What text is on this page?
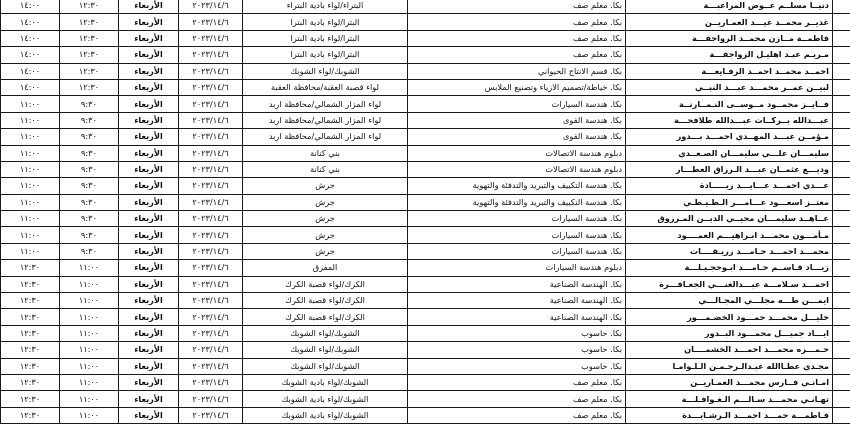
	دنيــا مسلــم عــوض المراعبـــة	بكا. معلم صف	البتراء/لواء بادية البتراء	٢٠٢٣/١٤/٦	الأربعاء	١٢:٣٠	١٤:٠٠
	غديــر محمــد عيـــد العمـاريــن	بكا. معلم صف	البترا/لواء بادية البترا	٢٠٢٣/١٤/٦	الأربعاء	١٢:٣٠	١٤:٠٠
	فاطمــة مــازن محمــد الرواجفـــة	بكا. معلم صف	البترا/لواء بادية البترا	٢٠٢٣/١٤/٦	الأربعاء	١٢:٣٠	١٤:٠٠
	مـريـم عبـد اهليـل الرواجفـــة	بكا. معلم صف	البترا/لواء بادية البترا	٢٠٢٣/١٤/٦	الأربعاء	١٢:٣٠	١٤:٠٠
	احمــد محمــد احمــد الرفـايعـــة	بكا. قسم الانتاج الحيواني	الشوبك/لواء الشوبك	٢٠٢٣/١٤/٦	الأربعاء	١٢:٣٠	١٤:٠٠
	لبيــن عمــر محمـــد عبـــد النبــي	بكا. خياطة/تصميم الازياء وتصنيع الملابس	لواء قصبة العقبة/محافظة العقبة	٢٠٢٣/١٤/٦	الأربعاء	١٢:٣٠	١٤:٠٠
	فــايــز محمــود مــوســى النـمــارنــة	بكا. هندسة السيارات	لواء المزار الشمالي/محافظة اربد	٢٠٢٣/١٤/٦	الأربعاء	٩:٣٠	١١:٠٠
	عبـــدالله بــركــات عبـــدالله طلافحـــة	بكا. هندسة القوى	لواء المزار الشمالي/محافظة اربد	٢٠٢٣/١٤/٦	الأربعاء	٩:٣٠	١١:٠٠
	مـؤمــن عبـــد المهــدي احمـــد بـــدور	بكا. هندسة القوى	لواء المزار الشمالي/محافظة اربد	٢٠٢٣/١٤/٦	الأربعاء	٩:٣٠	١١:٠٠
	سليمـــان علـــي سليمـــان الصـعــدي	دبلوم هندسة الاتصالات	بني كنانة	٢٠٢٣/١٤/٦	الأربعاء	٩:٣٠	١١:٠٠
	وديـــع عثمــان عبـــد الـرزاق العطـــار	دبلوم هندسة الاتصالات	بني كنانة	٢٠٢٣/١٤/٦	الأربعاء	٩:٣٠	١١:٠٠
	عـــدي احمـــد عـــايـــد زيـــــادة	بكا. هندسة التكييف والتبريد والتدفئة والتهوية	جرش	٢٠٢٣/١٤/٦	الأربعاء	٩:٣٠	١١:٠٠
	معتــز اسعـــود عـــامـــر الـطـيـطـي	بكا. هندسة التكييف والتبريد والتدفئة والتهوية	جرش	٢٠٢٣/١٤/٦	الأربعاء	٩:٣٠	١١:٠٠
	عــاهــد سليمـــان محيــي الديــن المـرزوق	بكا. هندسة السيارات	جرش	٢٠٢٣/١٤/٦	الأربعاء	٩:٣٠	١١:٠٠
	مـأمـــون محمـــد ابـراهيـــم العمــــود	بكا. هندسة السيارات	جرش	٢٠٢٣/١٤/٦	الأربعاء	٩:٣٠	١١:٠٠
	محمـــد احمـــد حـامـــد زريـقــــات	بكا. هندسة السيارات	جرش	٢٠٢٣/١٤/٦	الأربعاء	٩:٣٠	١١:٠٠
	زيـــاد قـاســم حـامـــد ابـوحجـيـلـــة	دبلوم هندسة السيارات	المفرق	٢٠٢٣/١٤/٦	الأربعاء	١١:٠٠	١٢:٣٠
	احمـــد سـلامـــة عبـــدالغنـــي الجعـافـــرة	بكا. الهندسة الصناعية	الكرك/لواء قصبة الكرك	٢٠٢٣/١٤/٦	الأربعاء	١١:٠٠	١٢:٣٠
	ايمـــن طـــه مجلـــي المجـالـــي	بكا. الهندسة الصناعية	الكرك/لواء قصبة الكرك	٢٠٢٣/١٤/٦	الأربعاء	١١:٠٠	١٢:٣٠
	خليـــل محمـــد حمـــود الخضـمـــور	بكا. الهندسة الصناعية	الكرك/لواء قصبة الكرك	٢٠٢٣/١٤/٦	الأربعاء	١١:٠٠	١٢:٣٠
	ايـــاد جميـــل محمـــود البــدور	بكا. حاسوب	الشوبك/لواء الشوبك	٢٠٢٣/١٤/٦	الأربعاء	١١:٠٠	١٢:٣٠
	حـمـــزه محمـــد احمـــد الخشمــــان	بكا. حاسوب	الشوبك/لواء الشوبك	٢٠٢٣/١٤/٦	الأربعاء	١١:٠٠	١٢:٣٠
	مجـدي عطـاالله عبـدالـرحـمـن الـلـوامـا	بكا. حاسوب	الشوبك/لواء الشوبك	٢٠٢٣/١٤/٦	الأربعاء	١١:٠٠	١٢:٣٠
	امـانـي فــارس محمـــد العمـاريــن	بكا. معلم صف	الشوبك/لواء بادية الشوبك	٢٠٢٣/١٤/٦	الأربعاء	١١:٠٠	١٢:٣٠
	تهـانـي محمـــد سـالـــم الـغـوافـلـــة	بكا. معلم صف	الشوبك/لواء بادية الشوبك	٢٠٢٣/١٤/٦	الأربعاء	١١:٠٠	١٢:٣٠
	فـاطمـــة حمـــد احمـــد الـرشـايـــدة	بكا. معلم صف	الشوبك/لواء بادية الشوبك	٢٠٢٣/١٤/٦	الأربعاء	١١:٠٠	١٢:٣٠
